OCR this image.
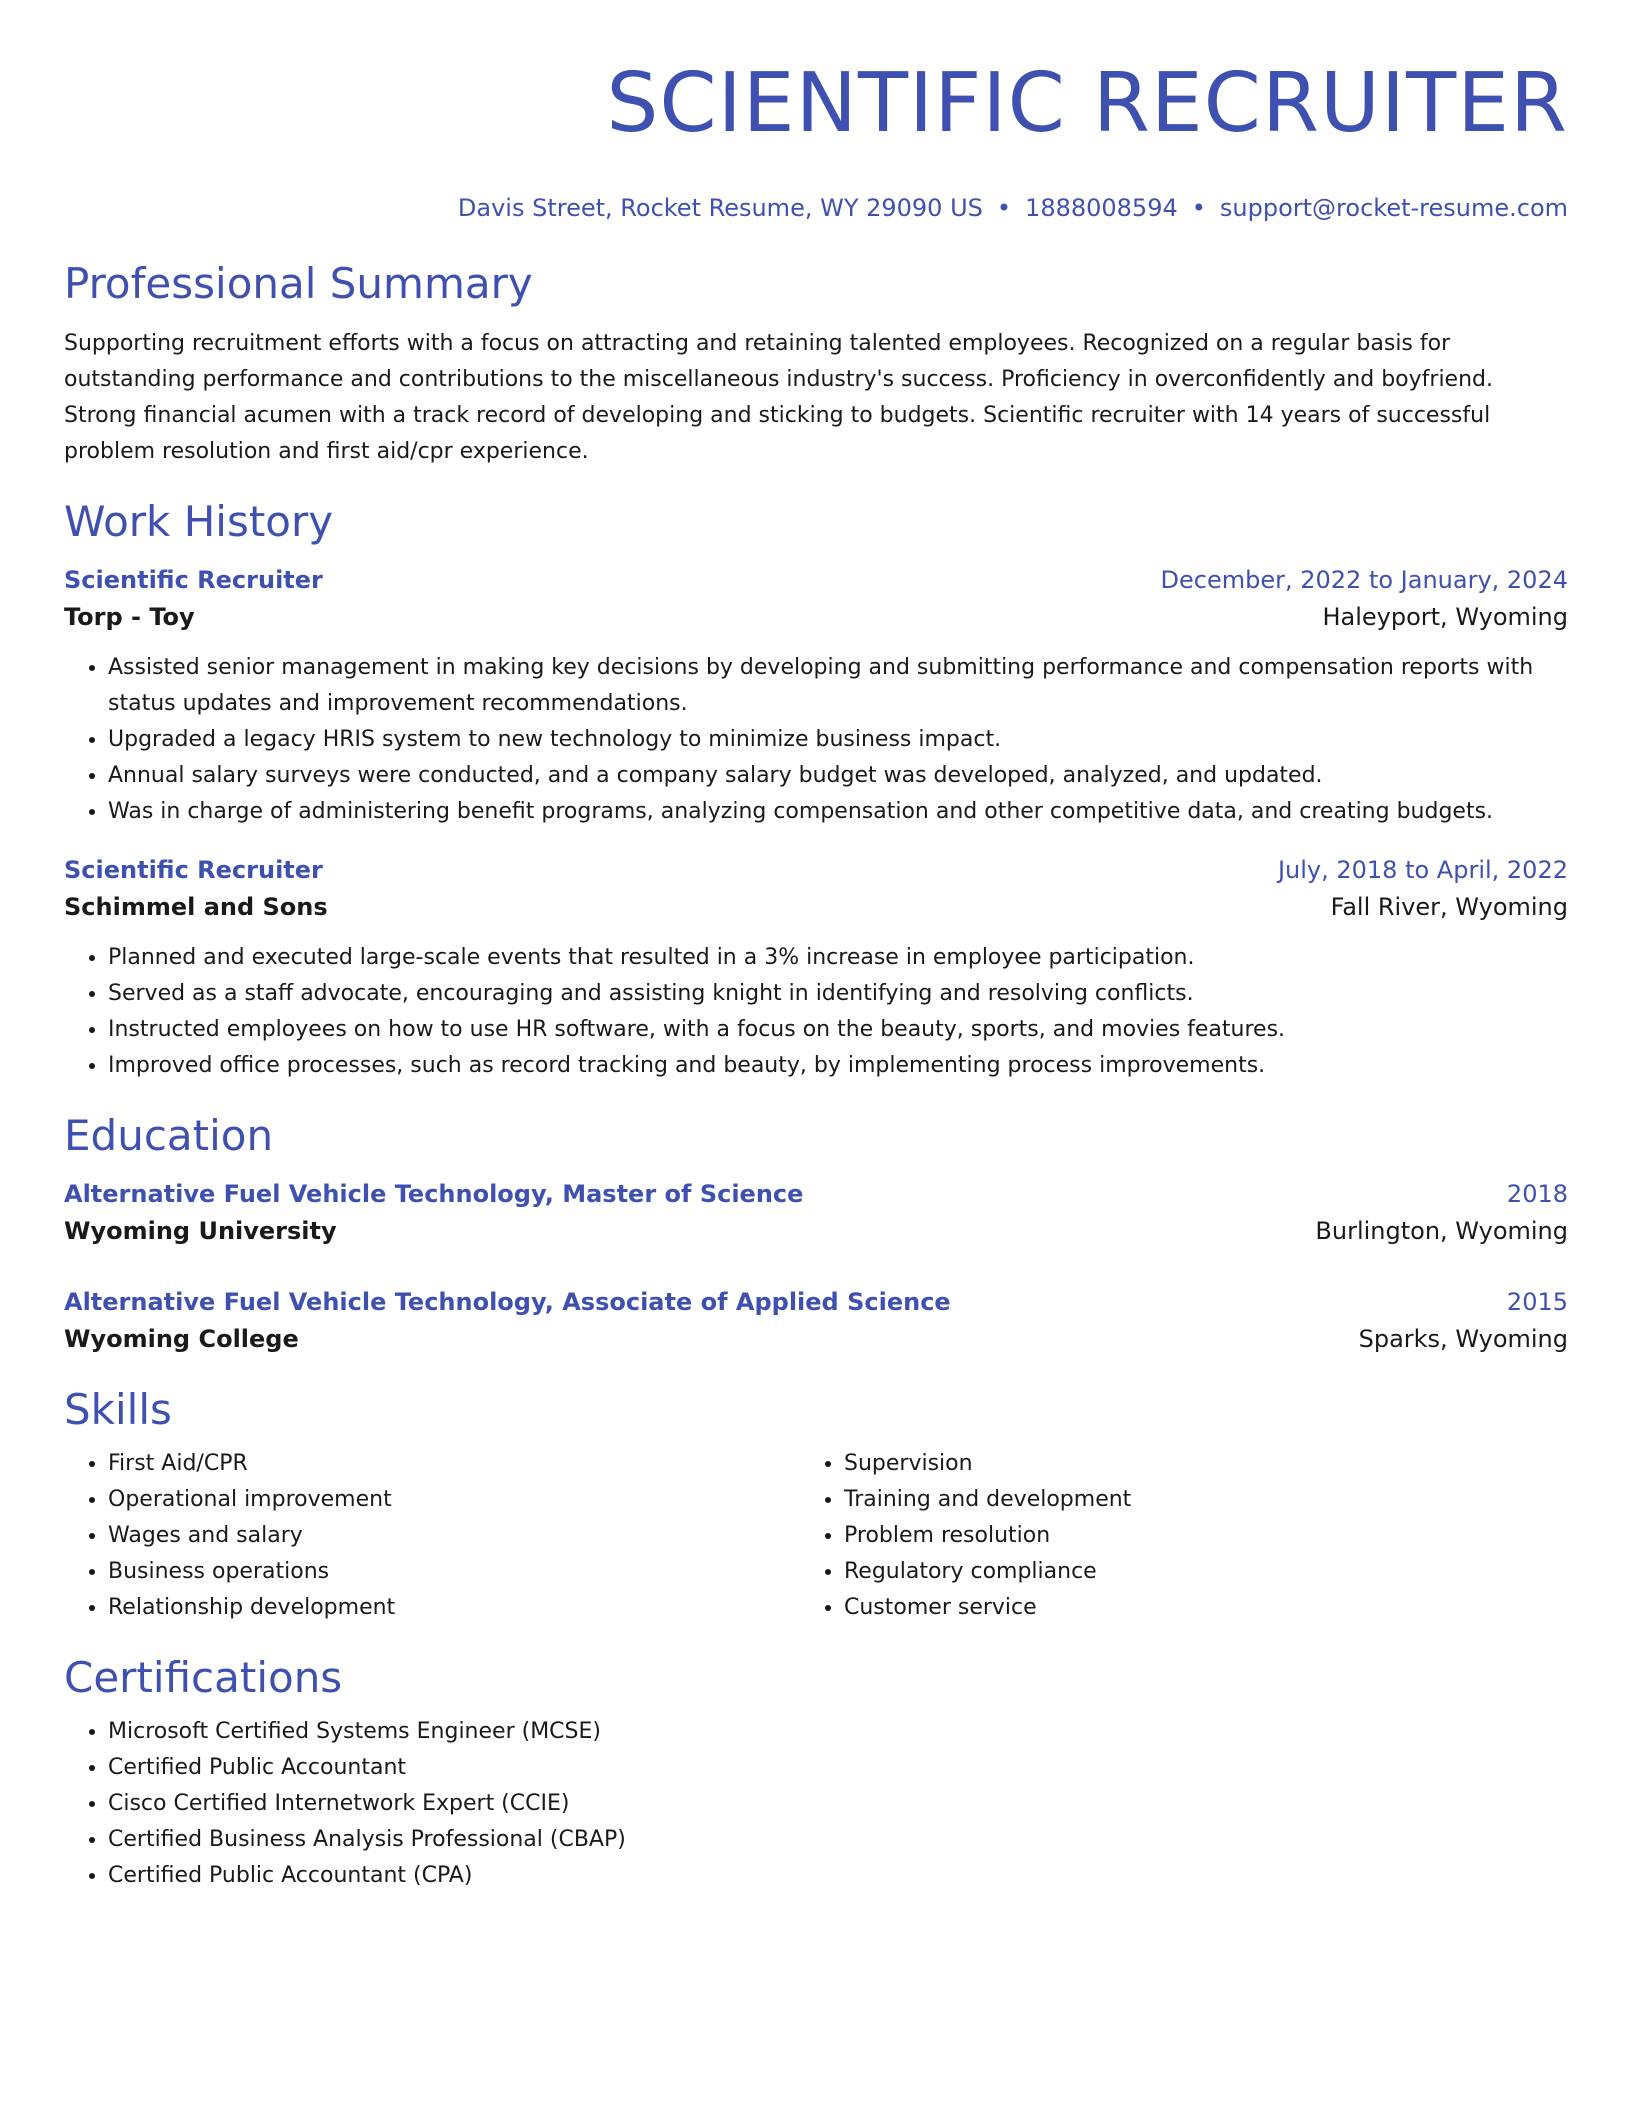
SCIENTIFIC RECRUITER
Davis Street, Rocket Resume, WY 29090 US • 1888008594 • support@rocket-resume.com
Professional Summary
Supporting recruitment efforts with a focus on attracting and retaining talented employees. Recognized on a regular basis for outstanding performance and contributions to the miscellaneous industry's success. Proficiency in overconfidently and boyfriend. Strong financial acumen with a track record of developing and sticking to budgets. Scientific recruiter with 14 years of successful problem resolution and first aid/cpr experience.
Work History
Scientific Recruiter	December, 2022 to January, 2024
Torp - Toy	Haleyport, Wyoming
• Assisted senior management in making key decisions by developing and submitting performance and compensation reports with status updates and improvement recommendations.
• Upgraded a legacy HRIS system to new technology to minimize business impact.
• Annual salary surveys were conducted, and a company salary budget was developed, analyzed, and updated.
• Was in charge of administering benefit programs, analyzing compensation and other competitive data, and creating budgets.
Scientific Recruiter	July, 2018 to April, 2022
Schimmel and Sons	Fall River, Wyoming
• Planned and executed large-scale events that resulted in a 3% increase in employee participation.
• Served as a staff advocate, encouraging and assisting knight in identifying and resolving conflicts.
• Instructed employees on how to use HR software, with a focus on the beauty, sports, and movies features.
• Improved office processes, such as record tracking and beauty, by implementing process improvements.
Education
Alternative Fuel Vehicle Technology, Master of Science	2018
Wyoming University	Burlington, Wyoming
Alternative Fuel Vehicle Technology, Associate of Applied Science	2015
Wyoming College	Sparks, Wyoming
Skills
• First Aid/CPR
• Operational improvement
• Wages and salary
• Business operations
• Relationship development
• Supervision
• Training and development
• Problem resolution
• Regulatory compliance
• Customer service
Certifications
• Microsoft Certified Systems Engineer (MCSE)
• Certified Public Accountant
• Cisco Certified Internetwork Expert (CCIE)
• Certified Business Analysis Professional (CBAP)
• Certified Public Accountant (CPA)
